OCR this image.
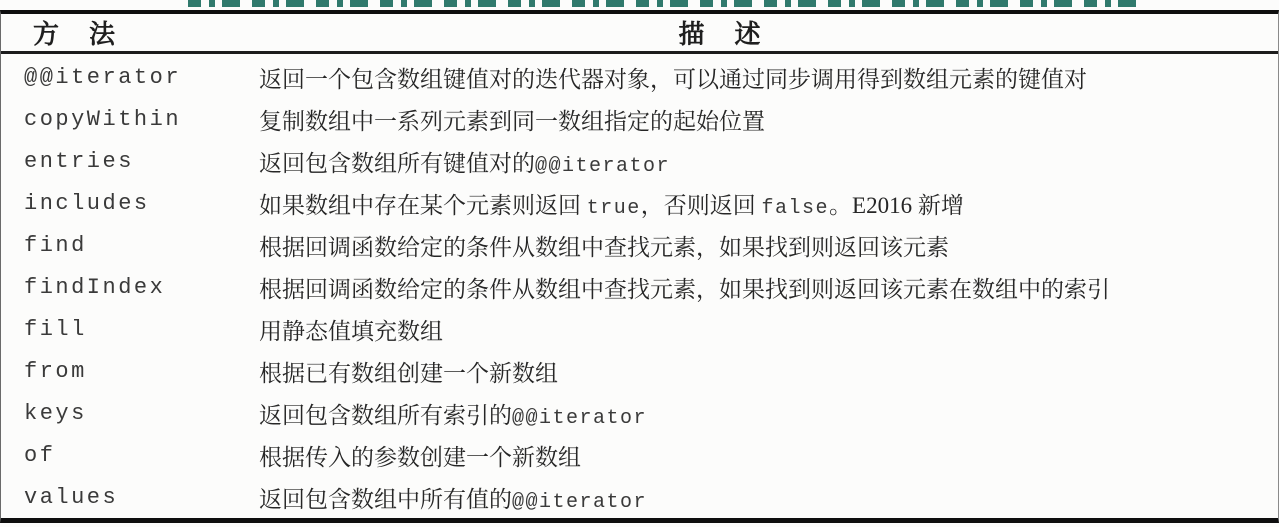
方　法	描　述
@@iterator	返回一个包含数组键值对的迭代器对象，可以通过同步调用得到数组元素的键值对
copyWithin	复制数组中一系列元素到同一数组指定的起始位置
entries	返回包含数组所有键值对的@@iterator
includes	如果数组中存在某个元素则返回 true，否则返回 false。E2016 新增
find	根据回调函数给定的条件从数组中查找元素，如果找到则返回该元素
findIndex	根据回调函数给定的条件从数组中查找元素，如果找到则返回该元素在数组中的索引
fill	用静态值填充数组
from	根据已有数组创建一个新数组
keys	返回包含数组所有索引的@@iterator
of	根据传入的参数创建一个新数组
values	返回包含数组中所有值的@@iterator
